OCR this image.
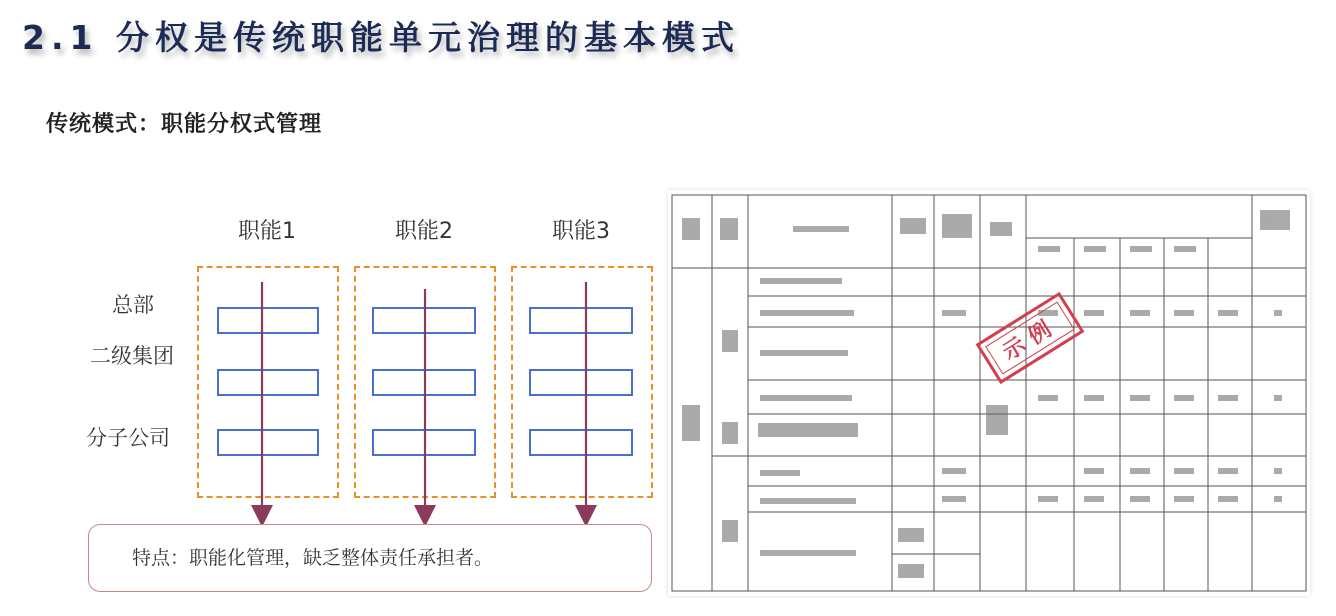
2.1 分权是传统职能单元治理的基本模式
传统模式：职能分权式管理
职能1	职能2	职能3
总部
二级集团
分子公司
特点：职能化管理，缺乏整体责任承担者。
示例
